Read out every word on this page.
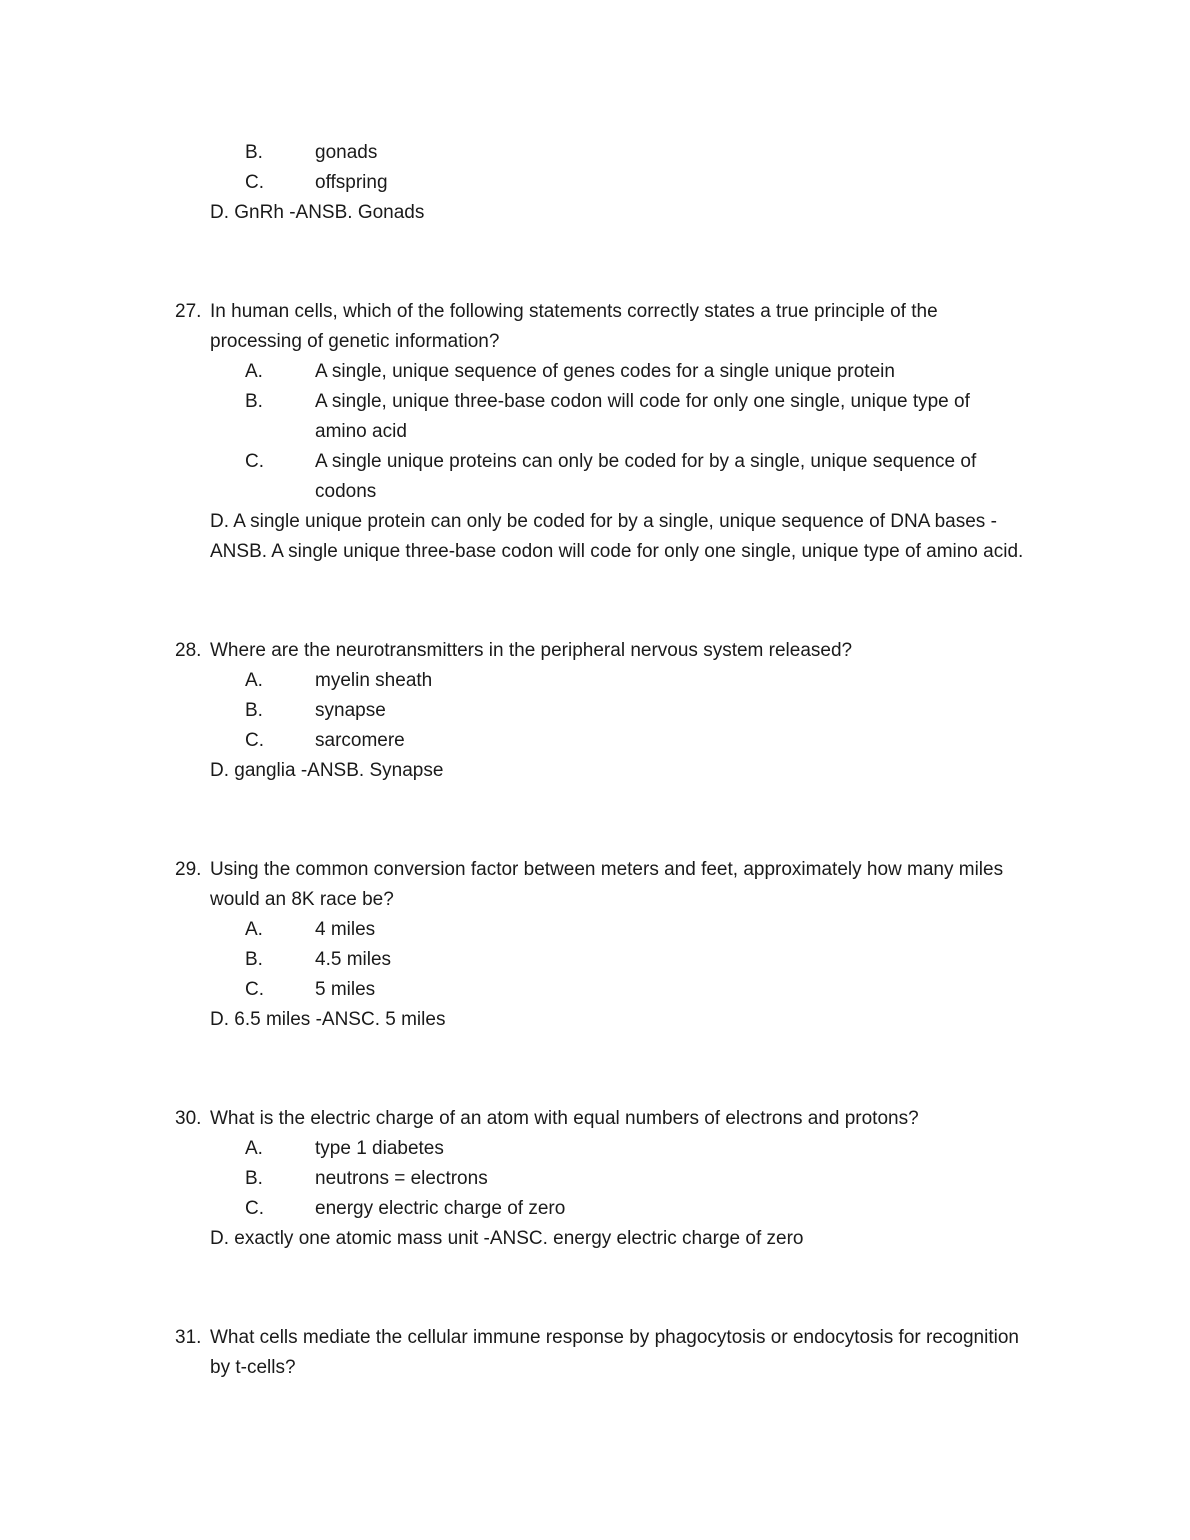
B.	gonads
C.	offspring
D. GnRh -ANSB. Gonads
27. In human cells, which of the following statements correctly states a true principle of the
processing of genetic information?
A.	A single, unique sequence of genes codes for a single unique protein
B.	A single, unique three-base codon will code for only one single, unique type of
amino acid
C.	A single unique proteins can only be coded for by a single, unique sequence of
codons
D. A single unique protein can only be coded for by a single, unique sequence of DNA bases -
ANSB. A single unique three-base codon will code for only one single, unique type of amino acid.
28. Where are the neurotransmitters in the peripheral nervous system released?
A.	myelin sheath
B.	synapse
C.	sarcomere
D. ganglia -ANSB. Synapse
29. Using the common conversion factor between meters and feet, approximately how many miles
would an 8K race be?
A.	4 miles
B.	4.5 miles
C.	5 miles
D. 6.5 miles -ANSC. 5 miles
30. What is the electric charge of an atom with equal numbers of electrons and protons?
A.	type 1 diabetes
B.	neutrons = electrons
C.	energy electric charge of zero
D. exactly one atomic mass unit -ANSC. energy electric charge of zero
31. What cells mediate the cellular immune response by phagocytosis or endocytosis for recognition
by t-cells?
